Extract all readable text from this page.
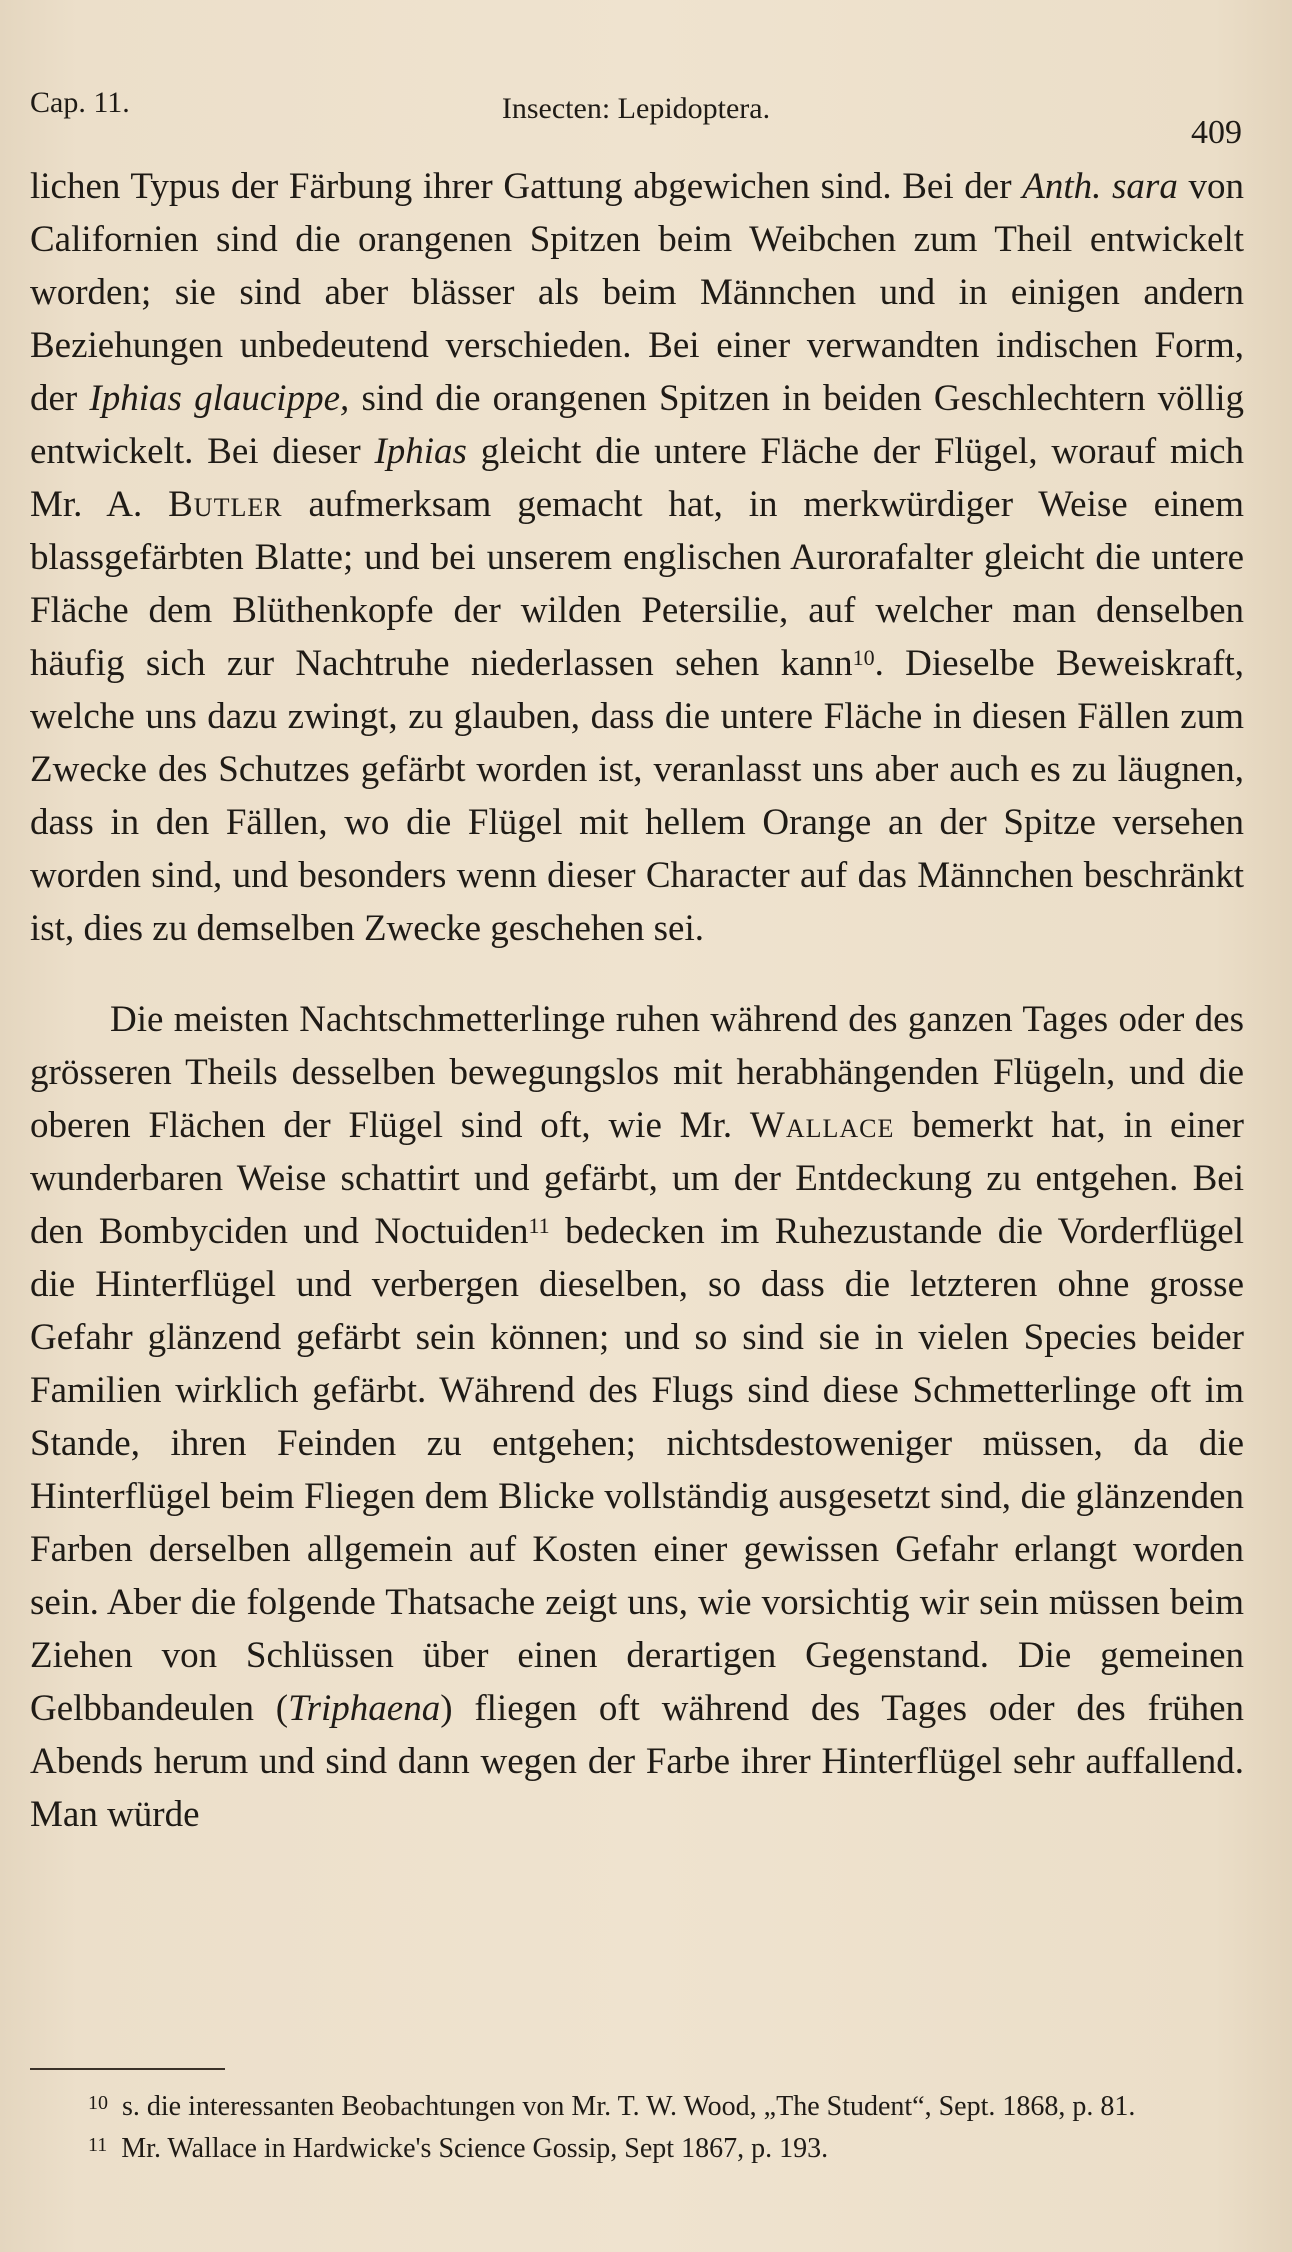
Cap. 11.	Insecten: Lepidoptera.
409

lichen Typus der Färbung ihrer Gattung abgewichen sind. Bei der Anth. sara von Californien sind die orangenen Spitzen beim Weibchen zum Theil entwickelt worden; sie sind aber blässer als beim Männchen und in einigen andern Beziehungen unbedeutend verschieden. Bei einer verwandten indischen Form, der Iphias glaucippe, sind die orangenen Spitzen in beiden Geschlechtern völlig entwickelt. Bei dieser Iphias gleicht die untere Fläche der Flügel, worauf mich Mr. A. Butler aufmerksam gemacht hat, in merkwürdiger Weise einem blassgefärbten Blatte; und bei unserem englischen Aurorafalter gleicht die untere Fläche dem Blüthenkopfe der wilden Petersilie, auf welcher man denselben häufig sich zur Nachtruhe niederlassen sehen kann$^{10}$. Dieselbe Beweiskraft, welche uns dazu zwingt, zu glauben, dass die untere Fläche in diesen Fällen zum Zwecke des Schutzes gefärbt worden ist, veranlasst uns aber auch es zu läugnen, dass in den Fällen, wo die Flügel mit hellem Orange an der Spitze versehen worden sind, und besonders wenn dieser Character auf das Männchen beschränkt ist, dies zu demselben Zwecke geschehen sei.

Die meisten Nachtschmetterlinge ruhen während des ganzen Tages oder des grösseren Theils desselben bewegungslos mit herabhängenden Flügeln, und die oberen Flächen der Flügel sind oft, wie Mr. Wallace bemerkt hat, in einer wunderbaren Weise schattirt und gefärbt, um der Entdeckung zu entgehen. Bei den Bombyciden und Noctuiden$^{11}$ bedecken im Ruhezustande die Vorderflügel die Hinterflügel und verbergen dieselben, so dass die letzteren ohne grosse Gefahr glänzend gefärbt sein können; und so sind sie in vielen Species beider Familien wirklich gefärbt. Während des Flugs sind diese Schmetterlinge oft im Stande, ihren Feinden zu entgehen; nichtsdestoweniger müssen, da die Hinterflügel beim Fliegen dem Blicke vollständig ausgesetzt sind, die glänzenden Farben derselben allgemein auf Kosten einer gewissen Gefahr erlangt worden sein. Aber die folgende Thatsache zeigt uns, wie vorsichtig wir sein müssen beim Ziehen von Schlüssen über einen derartigen Gegenstand. Die gemeinen Gelbbandeulen (Triphaena) fliegen oft während des Tages oder des frühen Abends herum und sind dann wegen der Farbe ihrer Hinterflügel sehr auffallend. Man würde

$^{10}$ s. die interessanten Beobachtungen von Mr. T. W. Wood, „The Student“, Sept. 1868, p. 81.

$^{11}$ Mr. Wallace in Hardwicke's Science Gossip, Sept 1867, p. 193.
